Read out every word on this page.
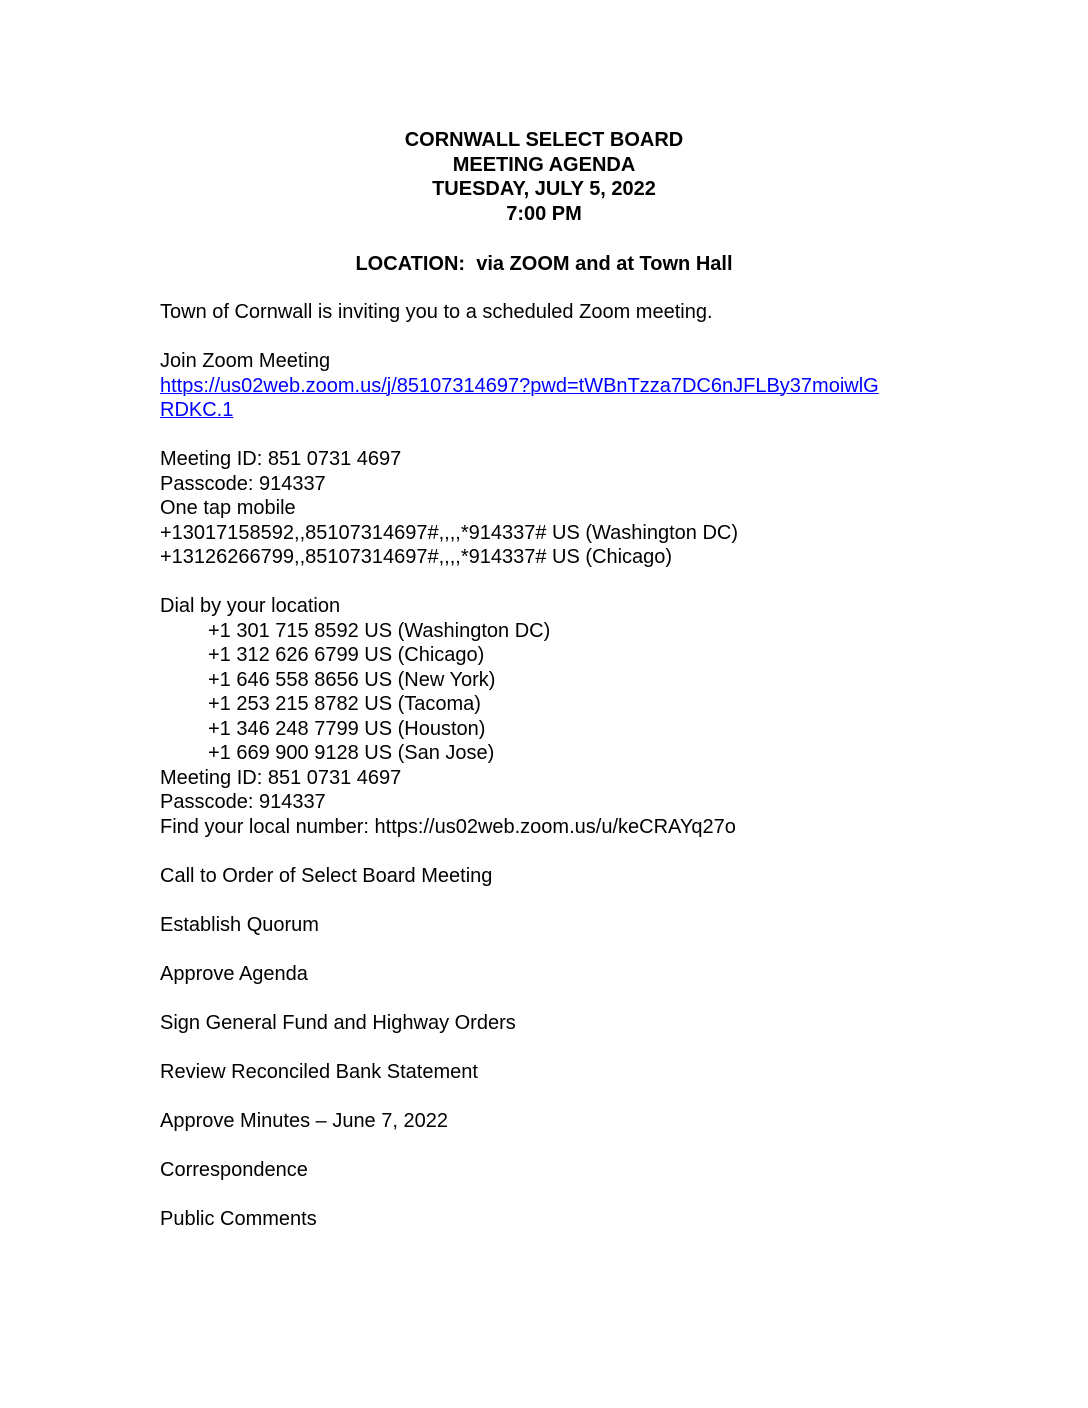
CORNWALL SELECT BOARD
MEETING AGENDA
TUESDAY, JULY 5, 2022
7:00 PM
LOCATION:  via ZOOM and at Town Hall
Town of Cornwall is inviting you to a scheduled Zoom meeting.
Join Zoom Meeting
https://us02web.zoom.us/j/85107314697?pwd=tWBnTzza7DC6nJFLBy37moiwlG
RDKC.1
Meeting ID: 851 0731 4697
Passcode: 914337
One tap mobile
+13017158592,,85107314697#,,,,*914337# US (Washington DC)
+13126266799,,85107314697#,,,,*914337# US (Chicago)
Dial by your location
+1 301 715 8592 US (Washington DC)
+1 312 626 6799 US (Chicago)
+1 646 558 8656 US (New York)
+1 253 215 8782 US (Tacoma)
+1 346 248 7799 US (Houston)
+1 669 900 9128 US (San Jose)
Meeting ID: 851 0731 4697
Passcode: 914337
Find your local number: https://us02web.zoom.us/u/keCRAYq27o
Call to Order of Select Board Meeting
Establish Quorum
Approve Agenda
Sign General Fund and Highway Orders
Review Reconciled Bank Statement
Approve Minutes – June 7, 2022
Correspondence
Public Comments
